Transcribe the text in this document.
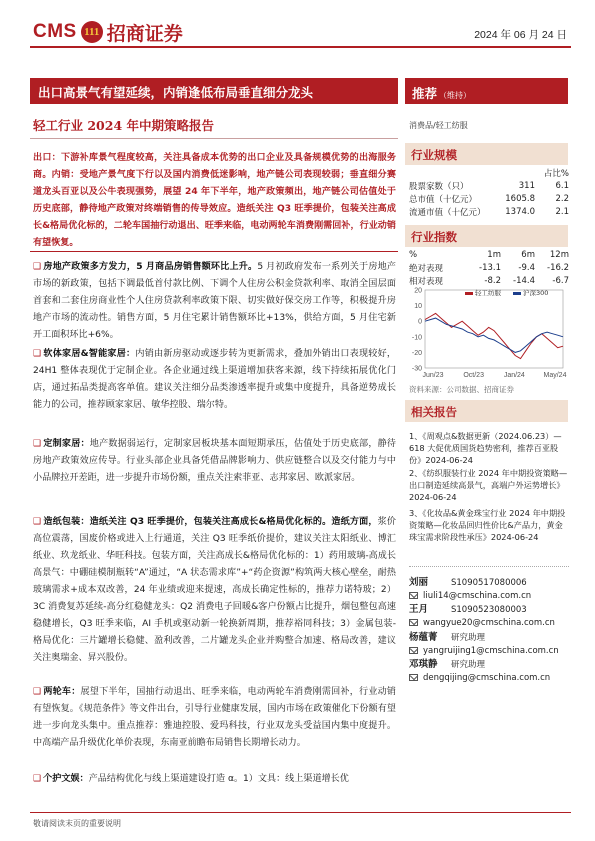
CMS 111 招商证券	2024 年 06 月 24 日
出口高景气有望延续，内销逢低布局垂直细分龙头
轻工行业 2024 年中期策略报告
推荐 （维持）
消费品/轻工纺服
出口：下游补库景气程度较高，关注具备成本优势的出口企业及具备规模优势的出海服务商。内销：受地产景气度下行以及国内消费低迷影响，地产链公司表现较弱；垂直细分赛道龙头百亚以及公牛表现强势，展望 24 年下半年，地产政策频出，地产链公司估值处于历史底部，静待地产政策对终端销售的传导效应。造纸关注 Q3 旺季提价，包装关注高成长&格局优化标的，二轮车国抽行动退出、旺季来临，电动两轮车消费刚需回补，行业动销有望恢复。
❑ 房地产政策多方发力，5 月商品房销售额环比上升。5 月初政府发布一系列关于房地产市场的新政策，包括下调最低首付款比例、下调个人住房公积金贷款利率、取消全国层面首套和二套住房商业性个人住房贷款利率政策下限、切实做好保交房工作等，积极提升房地产市场的流动性。销售方面，5 月住宅累计销售额环比+13%，供给方面，5 月住宅新开工面积环比+6%。
❑ 软体家居&智能家居：内销由新房驱动或逐步转为更新需求，叠加外销出口表现较好，24H1 整体表现优于定制企业。各企业通过线上渠道增加获客来源，线下持续拓展优化门店，通过拓品类提高客单值。建议关注细分品类渗透率提升或集中度提升，具备逆势成长能力的公司，推荐顾家家居、敏华控股、瑞尔特。
❑ 定制家居：地产数据弱运行，定制家居板块基本面短期承压，估值处于历史底部，静待房地产政策效应传导。行业头部企业具备凭借品牌影响力、供应链整合以及交付能力与中小品牌拉开差距，进一步提升市场份额，重点关注索菲亚、志邦家居、欧派家居。
❑ 造纸包装：造纸关注 Q3 旺季提价，包装关注高成长&格局优化标的。造纸方面，浆价高位震荡，国废价格或进入上行通道，关注 Q3 旺季纸价提价，建议关注太阳纸业、博汇纸业、玖龙纸业、华旺科技。包装方面，关注高成长&格局优化标的：1）药用玻璃-高成长高景气：中硼硅模制瓶转“A”通过，“A 状态需求库”+“药企资源”构筑两大核心壁垒，耐热玻璃需求+成本双改善，24 年业绩或迎来提速，高成长确定性标的，推荐力诺特玻；2）3C 消费复苏延续-高分红稳健龙头：Q2 消费电子回暖&客户份额占比提升，烟包整包高速稳健增长，Q3 旺季来临，AI 手机或驱动新一轮换新周期，推荐裕同科技；3）金属包装-格局优化：三片罐增长稳健、盈利改善，二片罐龙头企业并购整合加速、格局改善，建议关注奥瑞金、昇兴股份。
❑ 两轮车：展望下半年，国抽行动退出、旺季来临，电动两轮车消费刚需回补，行业动销有望恢复。《规范条件》等文件出台，引导行业健康发展，国内市场在政策催化下份额有望进一步向龙头集中。重点推荐：雅迪控股、爱玛科技，行业双龙头受益国内集中度提升。中高端产品升级优化单价表现，东南亚前瞻布局销售长期增长动力。
❑ 个护文娱：产品结构优化与线上渠道建设打造 α。1）文具：线上渠道增长优
行业规模
占比%
股票家数（只）	311	6.1
总市值（十亿元）	1605.8	2.2
流通市值（十亿元）	1374.0	2.1
行业指数
%	1m	6m	12m
绝对表现	-13.1	-9.4	-16.2
相对表现	-8.2	-14.4	-6.7
20
10
0
-10
-20
-30
Jun/23	Oct/23	Jan/24	May/24
轻工纺服	沪深300
资料来源：公司数据、招商证券
相关报告
1、《周观点&数据更新（2024.06.23）—618 大促优质国货趋势密利，推荐百亚股份》2024-06-24
2、《纺织服装行业 2024 年中期投资策略—出口制造延续高景气，高端户外运势增长》2024-06-24
3、《化妆品&黄金珠宝行业 2024 年中期投资策略—化妆品回归性价比&产品力，黄金珠宝需求阶段性承压》2024-06-24
刘丽	S1090517080006
liuli14@cmschina.com.cn
王月	S1090523080003
wangyue20@cmschina.com.cn
杨蕴菁 研究助理
yangruijing1@cmschina.com.cn
邓琪静 研究助理
dengqijing@cmschina.com.cn
敬请阅读末页的重要说明
